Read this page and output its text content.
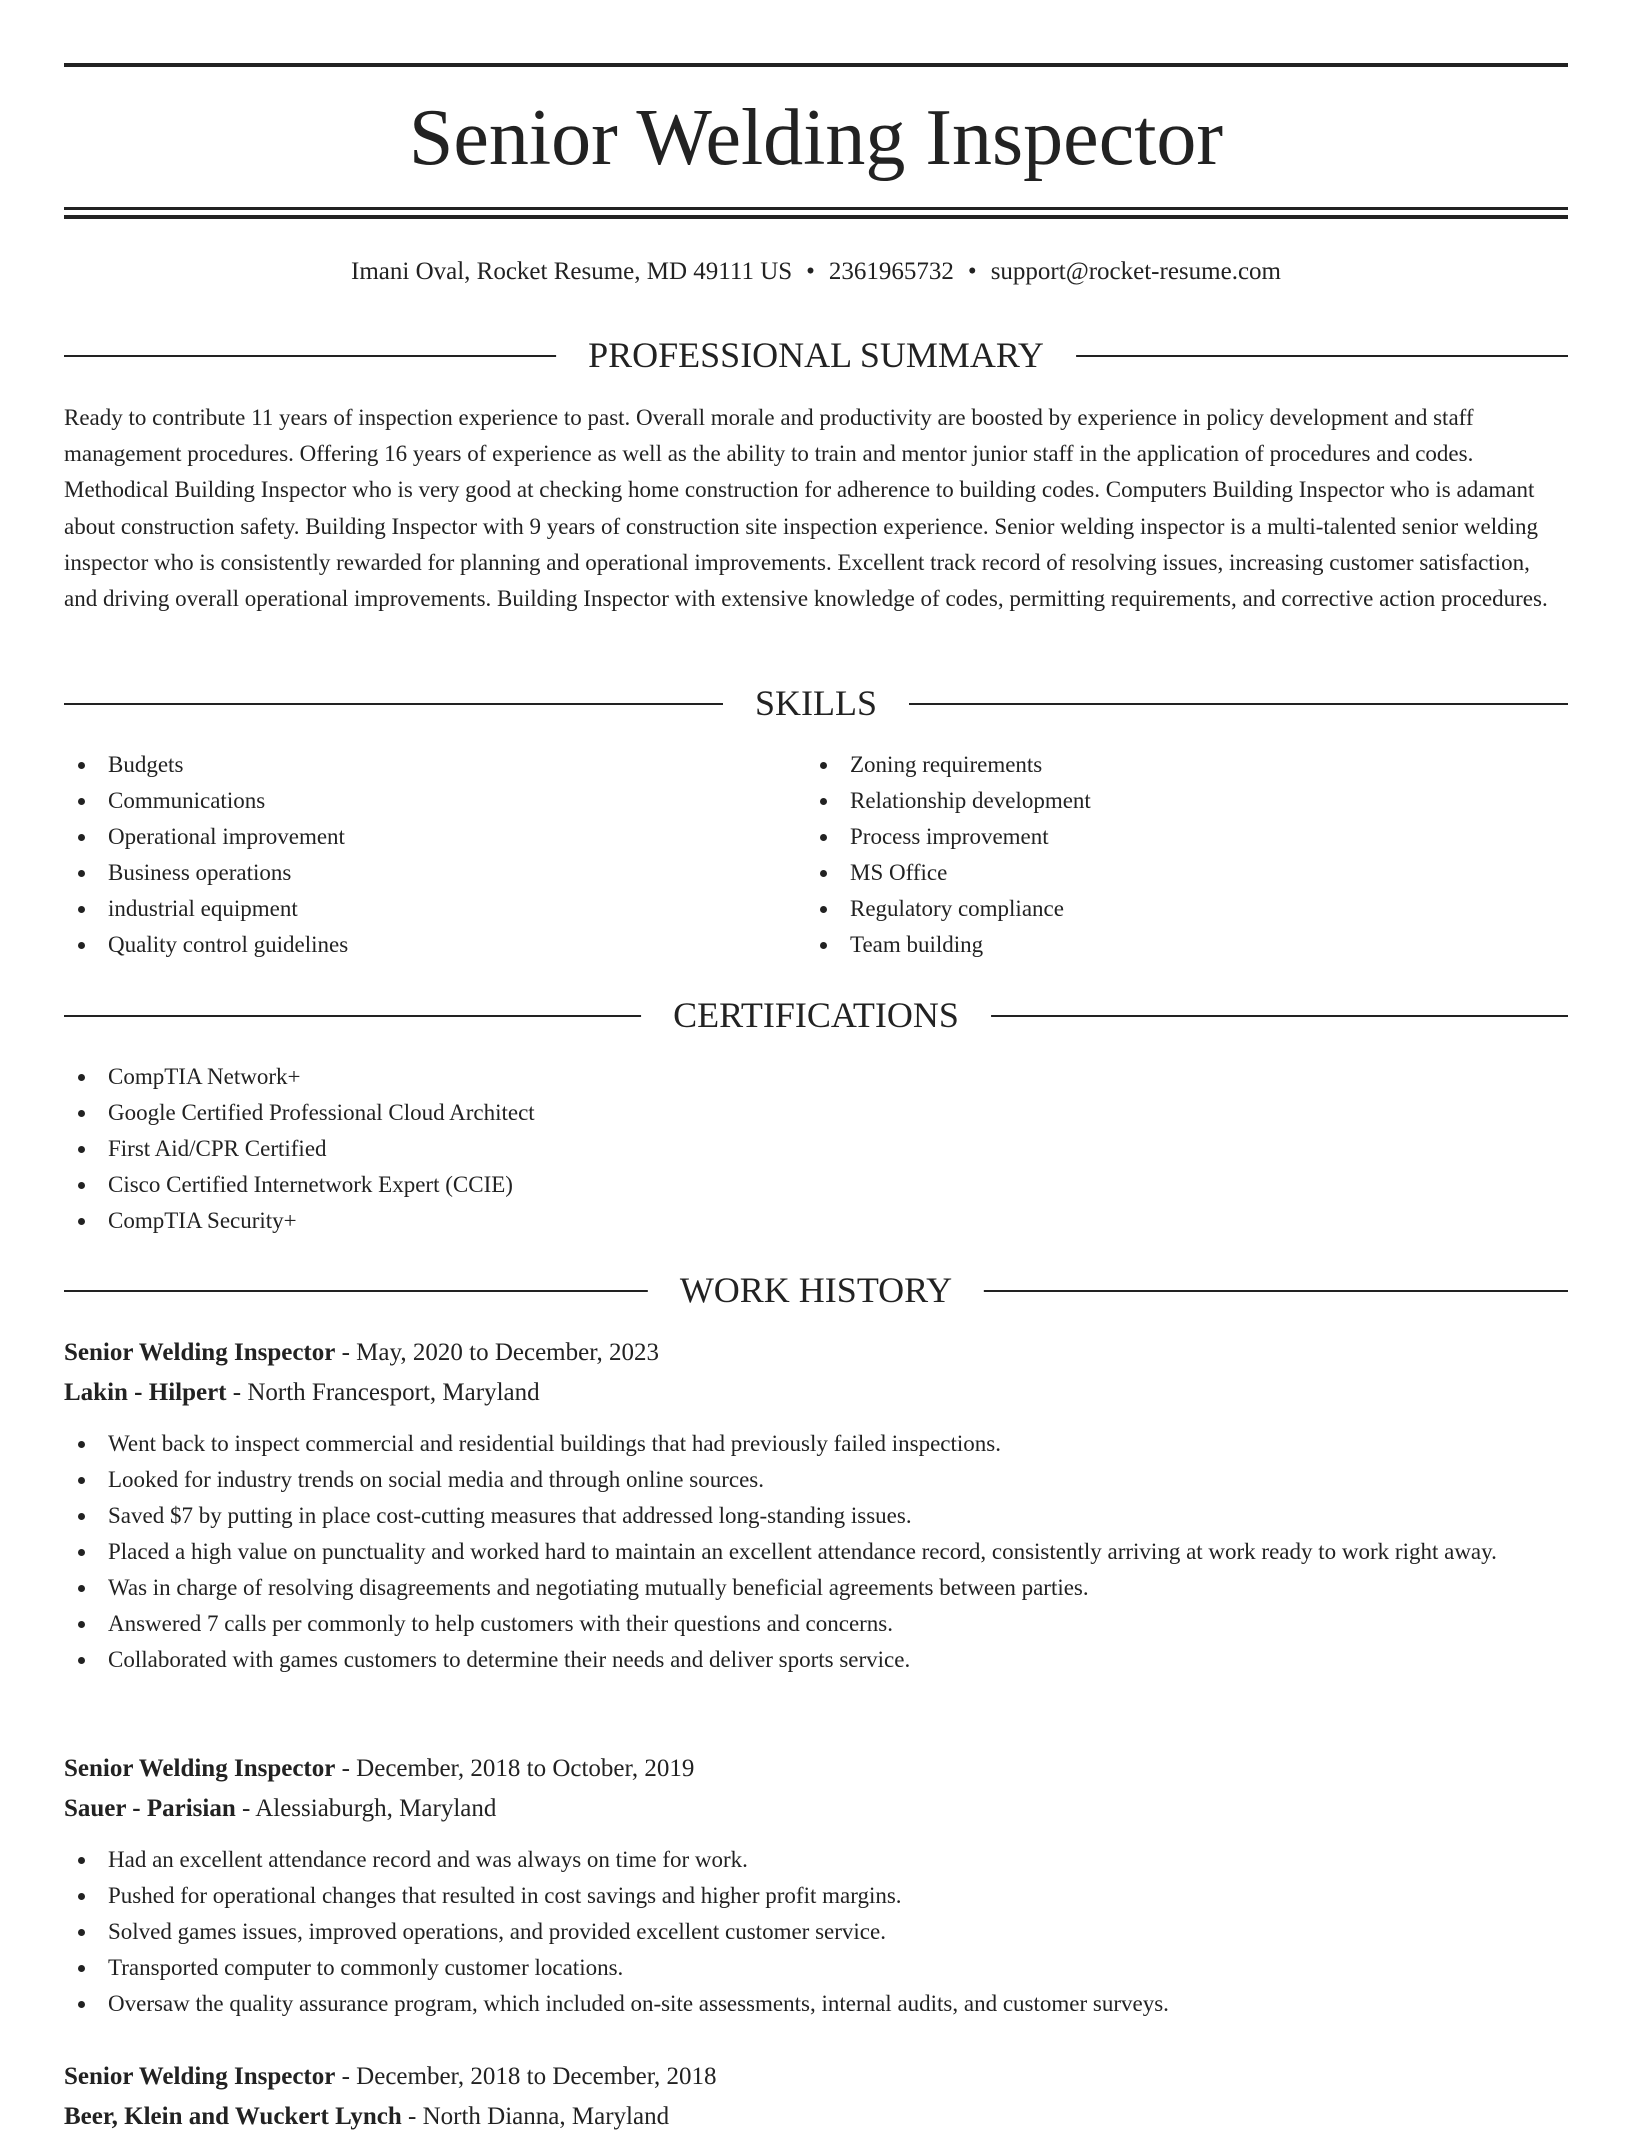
Senior Welding Inspector
Imani Oval, Rocket Resume, MD 49111 US • 2361965732 • support@rocket-resume.com
PROFESSIONAL SUMMARY

Ready to contribute 11 years of inspection experience to past. Overall morale and productivity are boosted by experience in policy development and staff management procedures. Offering 16 years of experience as well as the ability to train and mentor junior staff in the application of procedures and codes. Methodical Building Inspector who is very good at checking home construction for adherence to building codes. Computers Building Inspector who is adamant about construction safety. Building Inspector with 9 years of construction site inspection experience. Senior welding inspector is a multi-talented senior welding inspector who is consistently rewarded for planning and operational improvements. Excellent track record of resolving issues, increasing customer satisfaction, and driving overall operational improvements. Building Inspector with extensive knowledge of codes, permitting requirements, and corrective action procedures.

SKILLS
Budgets
Communications
Operational improvement
Business operations
industrial equipment
Quality control guidelines
Zoning requirements
Relationship development
Process improvement
MS Office
Regulatory compliance
Team building
CERTIFICATIONS
CompTIA Network+
Google Certified Professional Cloud Architect
First Aid/CPR Certified
Cisco Certified Internetwork Expert (CCIE)
CompTIA Security+
WORK HISTORY
Senior Welding Inspector - May, 2020 to December, 2023
Lakin - Hilpert - North Francesport, Maryland
Went back to inspect commercial and residential buildings that had previously failed inspections.
Looked for industry trends on social media and through online sources.
Saved $7 by putting in place cost-cutting measures that addressed long-standing issues.
Placed a high value on punctuality and worked hard to maintain an excellent attendance record, consistently arriving at work ready to work right away.
Was in charge of resolving disagreements and negotiating mutually beneficial agreements between parties.
Answered 7 calls per commonly to help customers with their questions and concerns.
Collaborated with games customers to determine their needs and deliver sports service.
Senior Welding Inspector - December, 2018 to October, 2019
Sauer - Parisian - Alessiaburgh, Maryland
Had an excellent attendance record and was always on time for work.
Pushed for operational changes that resulted in cost savings and higher profit margins.
Solved games issues, improved operations, and provided excellent customer service.
Transported computer to commonly customer locations.
Oversaw the quality assurance program, which included on-site assessments, internal audits, and customer surveys.
Senior Welding Inspector - December, 2018 to December, 2018
Beer, Klein and Wuckert Lynch - North Dianna, Maryland
